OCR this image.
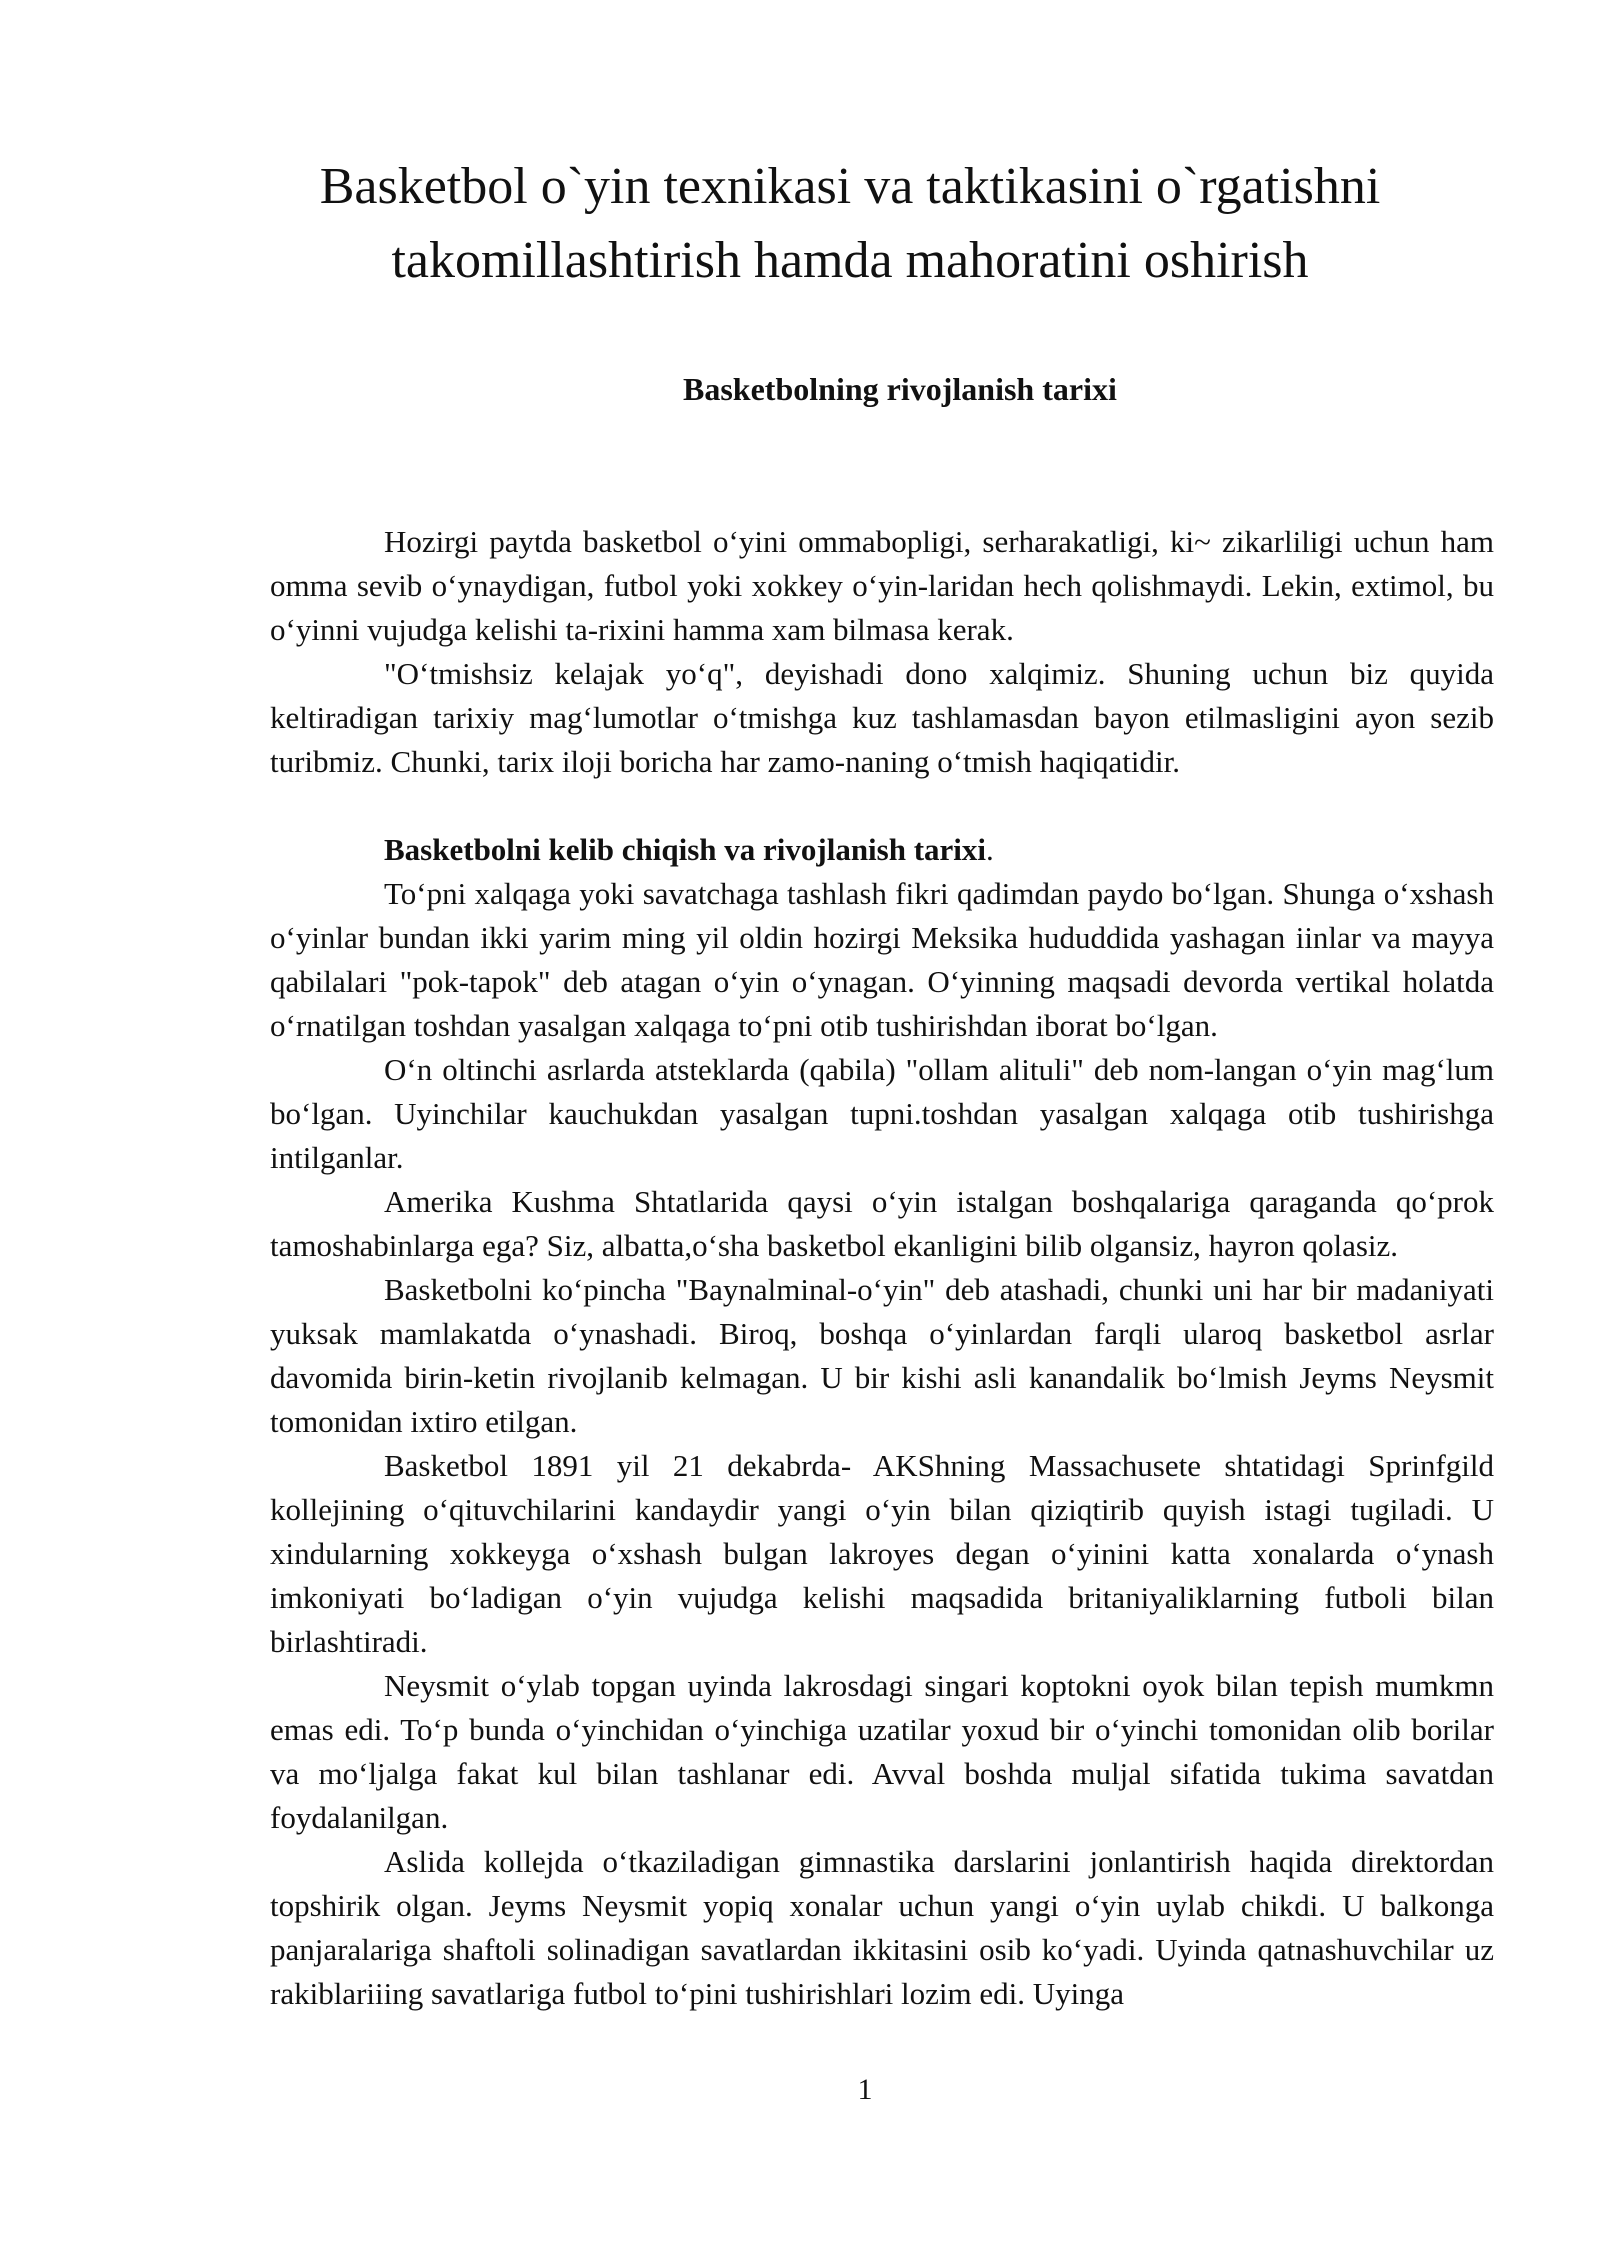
Basketbol o`yin texnikasi va taktikasini o`rgatishni
takomillashtirish hamda mahoratini oshirish
Basketbolning rivojlanish tarixi

Hozirgi paytda basketbol o‘yini ommabopligi, serharakatligi, ki~ zikarliligi uchun ham omma sevib o‘ynaydigan, futbol yoki xokkey o‘yin-laridan hech qolishmaydi. Lekin, extimol, bu o‘yinni vujudga kelishi ta-rixini hamma xam bilmasa kerak.

"O‘tmishsiz kelajak yo‘q", deyishadi dono xalqimiz. Shuning uchun biz quyida keltiradigan tarixiy mag‘lumotlar o‘tmishga kuz tashlamasdan bayon etilmasligini ayon sezib turibmiz. Chunki, tarix iloji boricha har zamo-naning o‘tmish haqiqatidir.

Basketbolni kelib chiqish va rivojlanish tarixi.

To‘pni xalqaga yoki savatchaga tashlash fikri qadimdan paydo bo‘lgan. Shunga o‘xshash o‘yinlar bundan ikki yarim ming yil oldin hozirgi Meksika hududdida yashagan iinlar va mayya qabilalari "pok-tapok" deb atagan o‘yin o‘ynagan. O‘yinning maqsadi devorda vertikal holatda o‘rnatilgan toshdan yasalgan xalqaga to‘pni otib tushirishdan iborat bo‘lgan.

O‘n oltinchi asrlarda atsteklarda (qabila) "ollam alituli" deb nom-langan o‘yin mag‘lum bo‘lgan. Uyinchilar kauchukdan yasalgan tupni.toshdan yasalgan xalqaga otib tushirishga intilganlar.

Amerika Kushma Shtatlarida qaysi o‘yin istalgan boshqalariga qaraganda qo‘prok tamoshabinlarga ega? Siz, albatta,o‘sha basketbol ekanligini bilib olgansiz, hayron qolasiz.

Basketbolni ko‘pincha "Baynalminal-o‘yin" deb atashadi, chunki uni har bir madaniyati yuksak mamlakatda o‘ynashadi. Biroq, boshqa o‘yinlardan farqli ularoq basketbol asrlar davomida birin-ketin rivojlanib kelmagan. U bir kishi asli kanandalik bo‘lmish Jeyms Neysmit tomonidan ixtiro etilgan.

Basketbol 1891 yil 21 dekabrda- AKShning Massachusete shtatidagi Sprinfgild kollejining o‘qituvchilarini kandaydir yangi o‘yin bilan qiziqtirib quyish istagi tugiladi. U xindularning xokkeyga o‘xshash bulgan lakroyes degan o‘yinini katta xonalarda o‘ynash imkoniyati bo‘ladigan o‘yin vujudga kelishi maqsadida britaniyaliklarning futboli bilan birlashtiradi.

Neysmit o‘ylab topgan uyinda lakrosdagi singari koptokni oyok bilan tepish mumkmn emas edi. To‘p bunda o‘yinchidan o‘yinchiga uzatilar yoxud bir o‘yinchi tomonidan olib borilar va mo‘ljalga fakat kul bilan tashlanar edi. Avval boshda muljal sifatida tukima savatdan foydalanilgan.

Aslida kollejda o‘tkaziladigan gimnastika darslarini jonlantirish haqida direktordan topshirik olgan. Jeyms Neysmit yopiq xonalar uchun yangi o‘yin uylab chikdi. U balkonga panjaralariga shaftoli solinadigan savatlardan ikkitasini osib ko‘yadi. Uyinda qatnashuvchilar uz rakiblariiing savatlariga futbol to‘pini tushirishlari lozim edi. Uyinga

1
